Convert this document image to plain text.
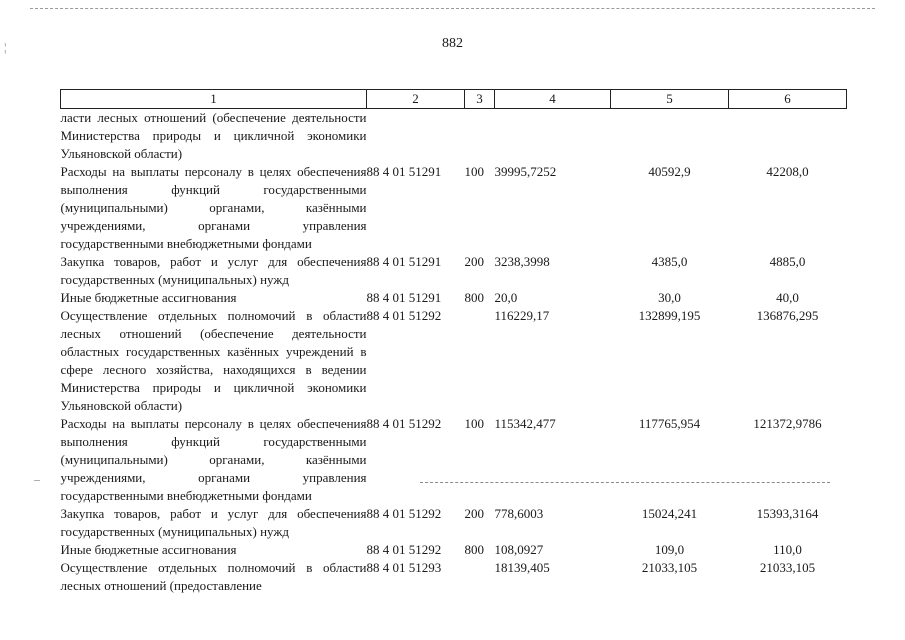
¦
–
882
1	2	3	4	5	6
ласти лесных отношений (обеспечение деятельности Министерства природы и цикличной экономики Ульяновской области)					
Расходы на выплаты персоналу в целях обеспечения выполнения функций государственными (муниципальными) органами, казёнными учреждениями, органами управления государственными внебюджетными фондами	88 4 01 51291	100	39995,7252	40592,9	42208,0
Закупка товаров, работ и услуг для обеспечения государственных (муниципальных) нужд	88 4 01 51291	200	3238,3998	4385,0	4885,0
Иные бюджетные ассигнования	88 4 01 51291	800	20,0	30,0	40,0
Осуществление отдельных полномочий в области лесных отношений (обеспечение деятельности областных государственных казённых учреждений в сфере лесного хозяйства, находящихся в ведении Министерства природы и цикличной экономики Ульяновской области)	88 4 01 51292		116229,17	132899,195	136876,295
Расходы на выплаты персоналу в целях обеспечения выполнения функций государственными (муниципальными) органами, казёнными учреждениями, органами управления государственными внебюджетными фондами	88 4 01 51292	100	115342,477	117765,954	121372,9786
Закупка товаров, работ и услуг для обеспечения государственных (муниципальных) нужд	88 4 01 51292	200	778,6003	15024,241	15393,3164
Иные бюджетные ассигнования	88 4 01 51292	800	108,0927	109,0	110,0
Осуществление отдельных полномочий в области лесных отношений (предоставление	88 4 01 51293		18139,405	21033,105	21033,105
